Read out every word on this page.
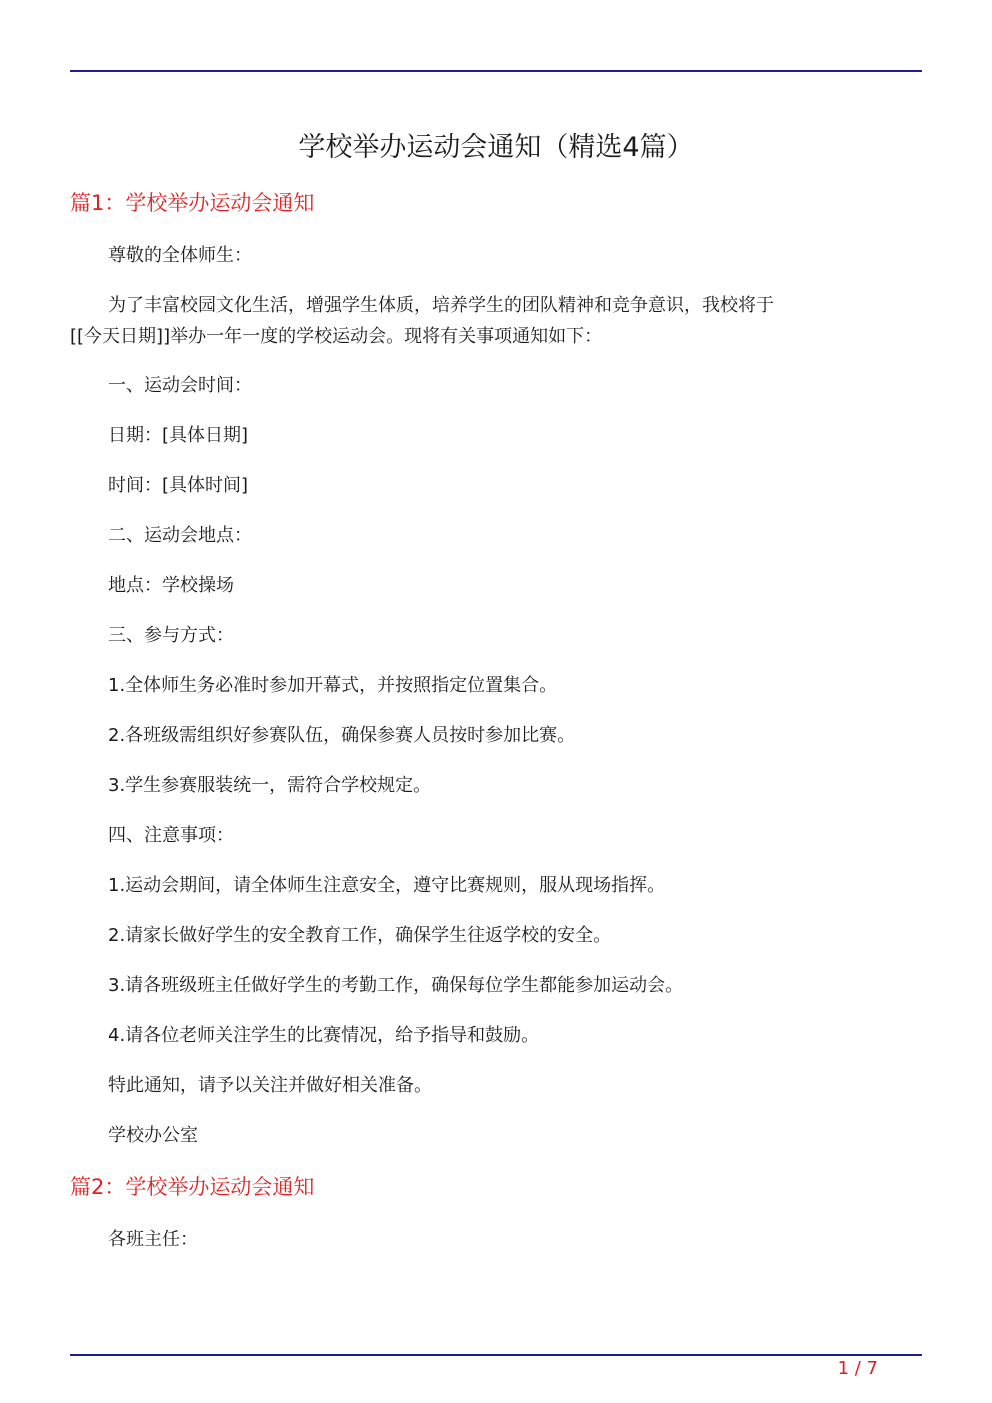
学校举办运动会通知（精选4篇）
篇1：学校举办运动会通知
尊敬的全体师生：
为了丰富校园文化生活，增强学生体质，培养学生的团队精神和竞争意识，我校将于[[今天日期]]举办一年一度的学校运动会。现将有关事项通知如下：
一、运动会时间：
日期：[具体日期]
时间：[具体时间]
二、运动会地点：
地点：学校操场
三、参与方式：
1.全体师生务必准时参加开幕式，并按照指定位置集合。
2.各班级需组织好参赛队伍，确保参赛人员按时参加比赛。
3.学生参赛服装统一，需符合学校规定。
四、注意事项：
1.运动会期间，请全体师生注意安全，遵守比赛规则，服从现场指挥。
2.请家长做好学生的安全教育工作，确保学生往返学校的安全。
3.请各班级班主任做好学生的考勤工作，确保每位学生都能参加运动会。
4.请各位老师关注学生的比赛情况，给予指导和鼓励。
特此通知，请予以关注并做好相关准备。
学校办公室
篇2：学校举办运动会通知
各班主任：
1 / 7
